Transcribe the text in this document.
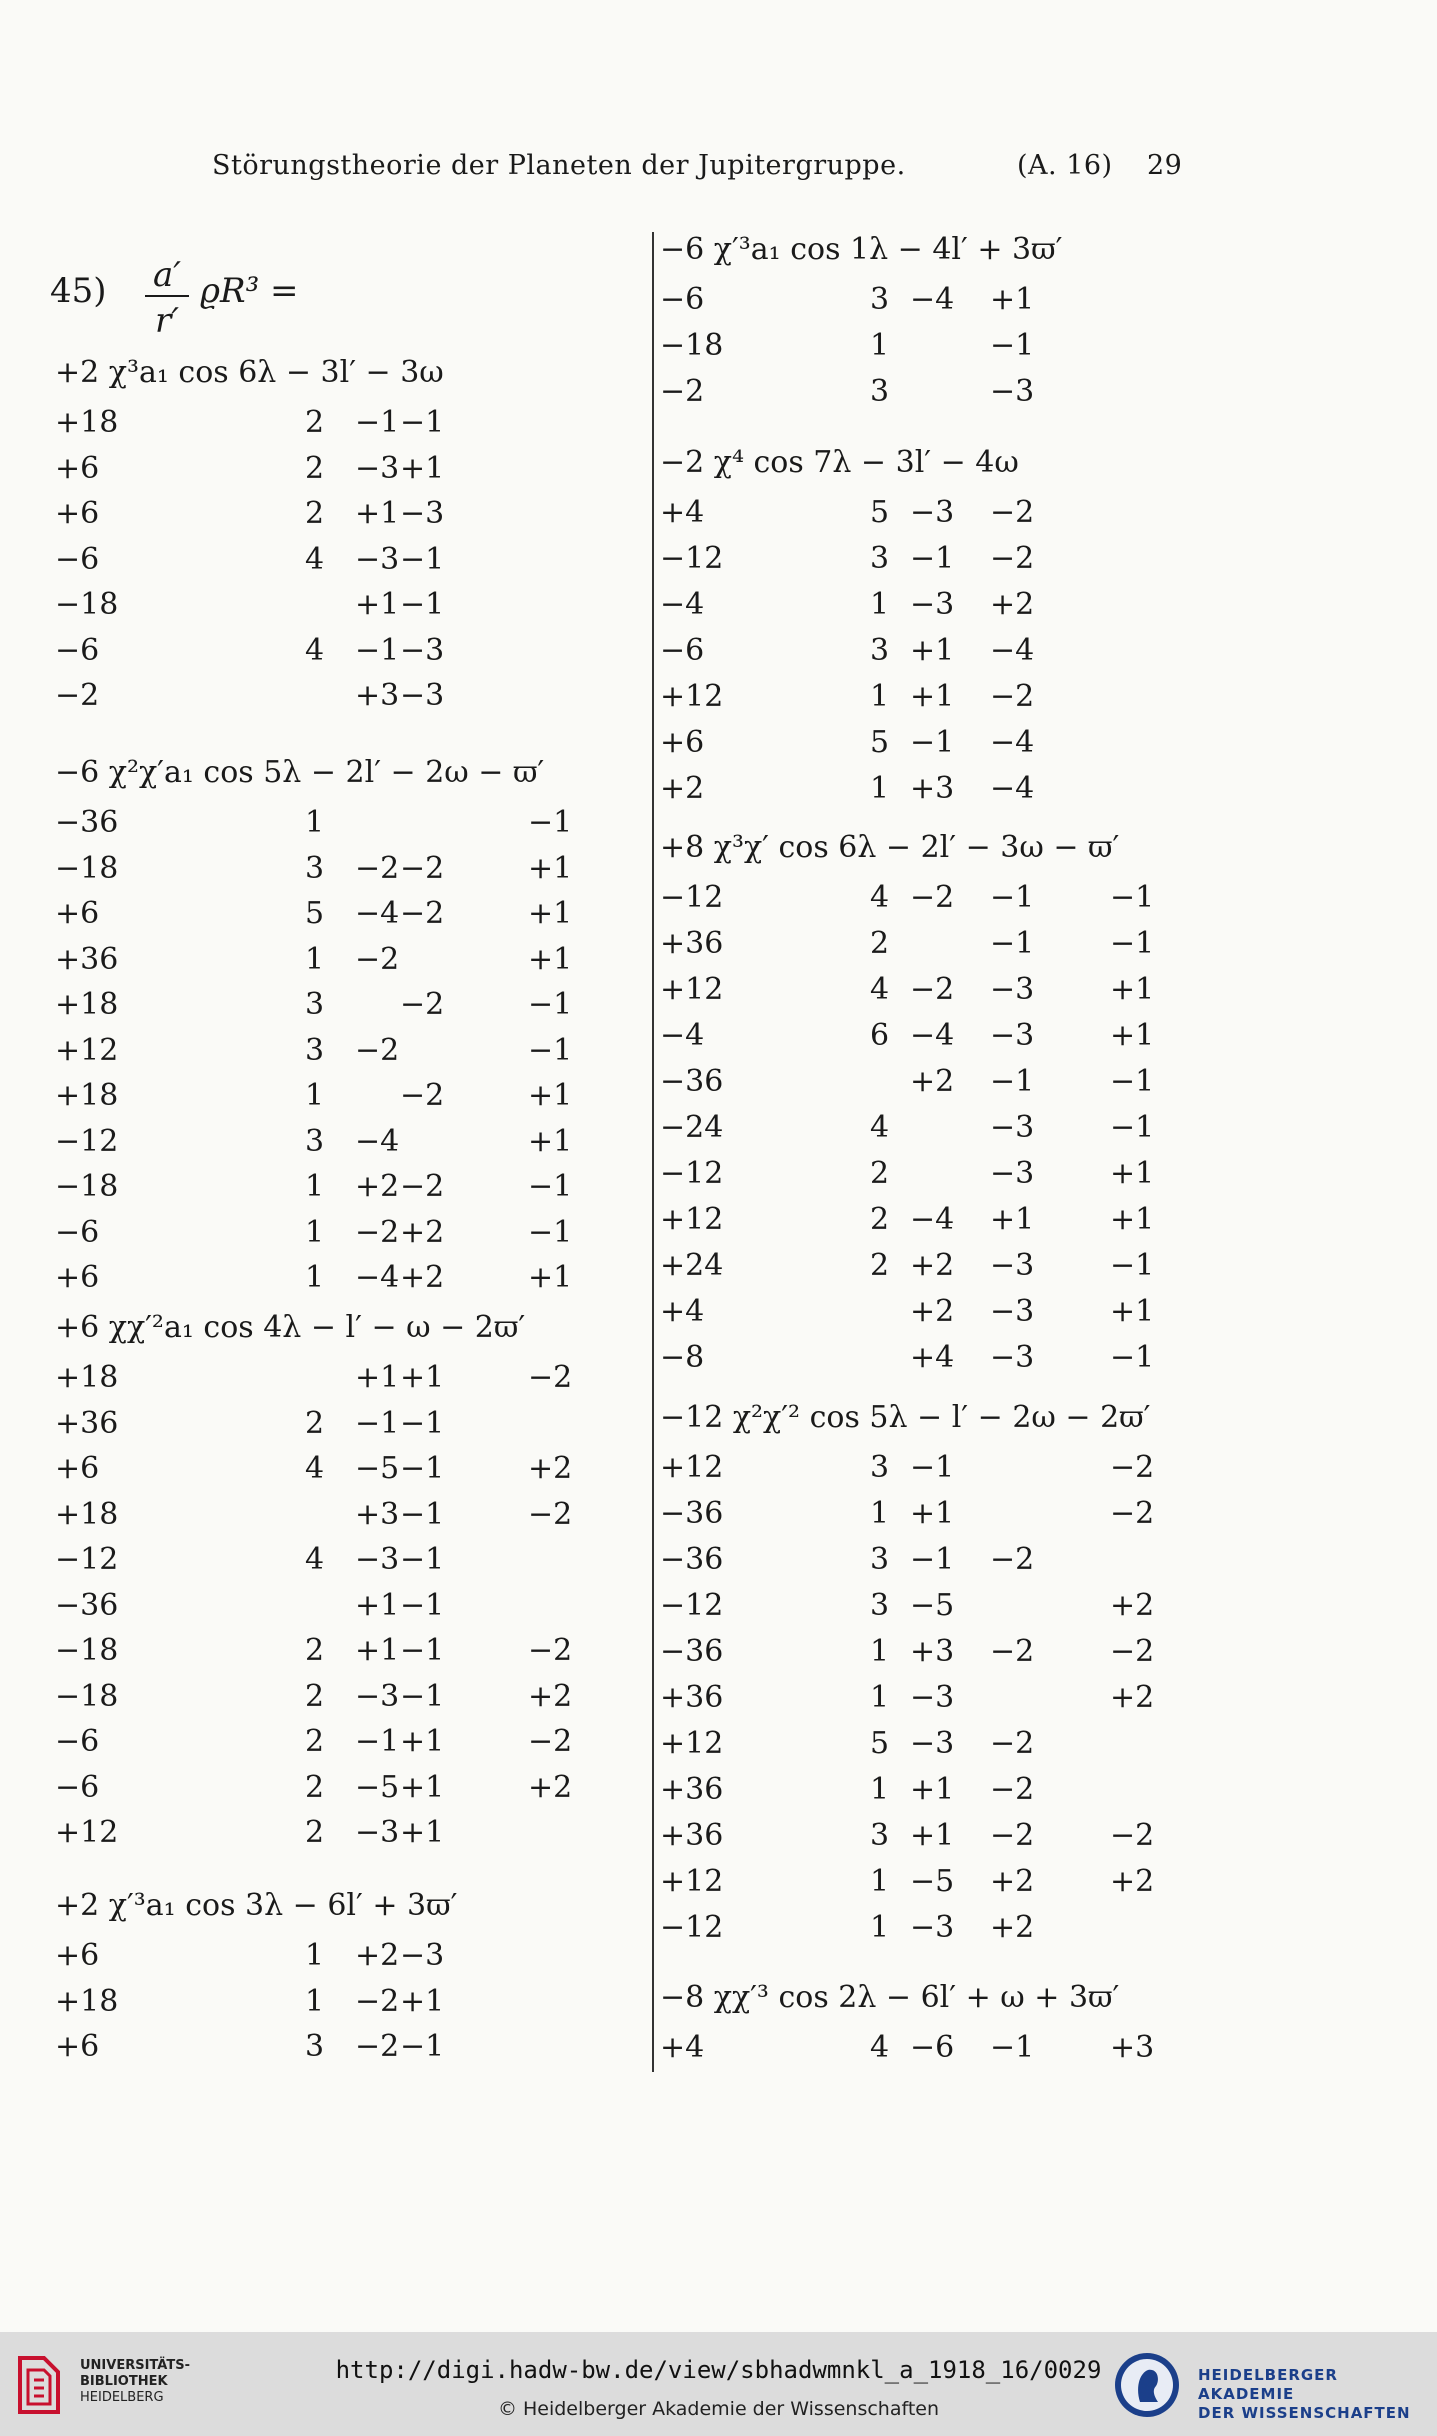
Störungstheorie der Planeten der Jupitergruppe.	(A. 16) 29
45) a′
r′
ϱR³ =
+2 χ³a₁ cos 6λ − 3l′ − 3ω
+18	2 −1 −1
+6	2 −3 +1
+6	2 +1 −3
−6	4 −3 −1
−18	+1 −1
−6	4 −1 −3
−2	+3 −3
−6 χ²χ′a₁ cos 5λ − 2l′ − 2ω − ϖ′
−36	1	−1
−18	3 −2 −2	+1
+6	5 −4 −2	+1
+36	1 −2	+1
+18	3	−2	−1
+12	3 −2	−1
+18	1	−2	+1
−12	3 −4	+1
−18	1 +2 −2	−1
−6	1 −2 +2	−1
+6	1 −4 +2	+1
+6 χχ′²a₁ cos 4λ − l′ − ω − 2ϖ′
+18	+1 +1	−2
+36	2 −1 −1
+6	4 −5 −1	+2
+18	+3 −1	−2
−12	4 −3 −1
−36	+1 −1
−18	2 +1 −1	−2
−18	2 −3 −1	+2
−6	2 −1 +1	−2
−6	2 −5 +1	+2
+12	2 −3 +1
+2 χ′³a₁ cos 3λ − 6l′ + 3ϖ′
+6	1 +2 −3
+18	1 −2 +1
+6	3 −2 −1
−6 χ′³a₁ cos 1λ − 4l′ + 3ϖ′
−6	3 −4 +1
−18	1	−1
−2	3	−3
−2 χ⁴ cos 7λ − 3l′ − 4ω
+4	5 −3 −2
−12	3 −1 −2
−4	1 −3 +2
−6	3 +1 −4
+12	1 +1 −2
+6	5 −1 −4
+2	1 +3 −4
+8 χ³χ′ cos 6λ − 2l′ − 3ω − ϖ′
−12	4 −2 −1	−1
+36	2	−1	−1
+12	4 −2 −3	+1
−4	6 −4 −3	+1
−36	+2 −1	−1
−24	4	−3	−1
−12	2	−3	+1
+12	2 −4 +1	+1
+24	2 +2 −3	−1
+4	+2 −3	+1
−8	+4 −3	−1
−12 χ²χ′² cos 5λ − l′ − 2ω − 2ϖ′
+12	3 −1	−2
−36	1 +1	−2
−36	3 −1 −2
−12	3 −5	+2
−36	1 +3 −2	−2
+36	1 −3	+2
+12	5 −3 −2
+36	1 +1 −2
+36	3 +1 −2	−2
+12	1 −5 +2	+2
−12	1 −3 +2
−8 χχ′³ cos 2λ − 6l′ + ω + 3ϖ′
+4	4 −6 −1	+3
UNIVERSITÄTS-
BIBLIOTHEK
HEIDELBERG
http://digi.hadw-bw.de/view/sbhadwmnkl_a_1918_16/0029
© Heidelberger Akademie der Wissenschaften
HEIDELBERGER AKADEMIE
DER WISSENSCHAFTEN
